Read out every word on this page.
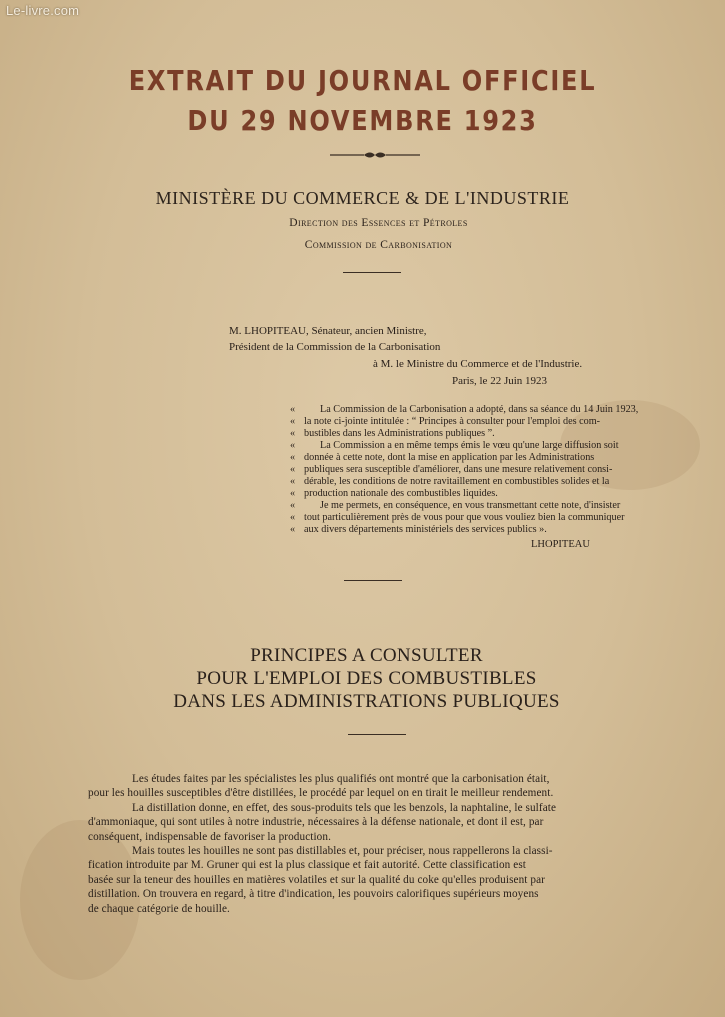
Le-livre.com
EXTRAIT DU JOURNAL OFFICIEL
DU 29 NOVEMBRE 1923
MINISTÈRE DU COMMERCE & DE L'INDUSTRIE
Direction des Essences et Pétroles
Commission de Carbonisation
M. LHOPITEAU, Sénateur, ancien Ministre,
Président de la Commission de la Carbonisation
à M. le Ministre du Commerce et de l'Industrie.
Paris, le 22 Juin 1923
« La Commission de la Carbonisation a adopté, dans sa séance du 14 Juin 1923,
« la note ci-jointe intitulée : “ Principes à consulter pour l'emploi des com-
« bustibles dans les Administrations publiques ”.
« La Commission a en même temps émis le vœu qu'une large diffusion soit
« donnée à cette note, dont la mise en application par les Administrations
« publiques sera susceptible d'améliorer, dans une mesure relativement consi-
« dérable, les conditions de notre ravitaillement en combustibles solides et la
« production nationale des combustibles liquides.
« Je me permets, en conséquence, en vous transmettant cette note, d'insister
« tout particulièrement près de vous pour que vous vouliez bien la communiquer
« aux divers départements ministériels des services publics ».
LHOPITEAU
PRINCIPES A CONSULTER
POUR L'EMPLOI DES COMBUSTIBLES
DANS LES ADMINISTRATIONS PUBLIQUES
Les études faites par les spécialistes les plus qualifiés ont montré que la carbonisation était,
pour les houilles susceptibles d'être distillées, le procédé par lequel on en tirait le meilleur rendement.
La distillation donne, en effet, des sous-produits tels que les benzols, la naphtaline, le sulfate
d'ammoniaque, qui sont utiles à notre industrie, nécessaires à la défense nationale, et dont il est, par
conséquent, indispensable de favoriser la production.
Mais toutes les houilles ne sont pas distillables et, pour préciser, nous rappellerons la classi-
fication introduite par M. Gruner qui est la plus classique et fait autorité. Cette classification est
basée sur la teneur des houilles en matières volatiles et sur la qualité du coke qu'elles produisent par
distillation. On trouvera en regard, à titre d'indication, les pouvoirs calorifiques supérieurs moyens
de chaque catégorie de houille.
